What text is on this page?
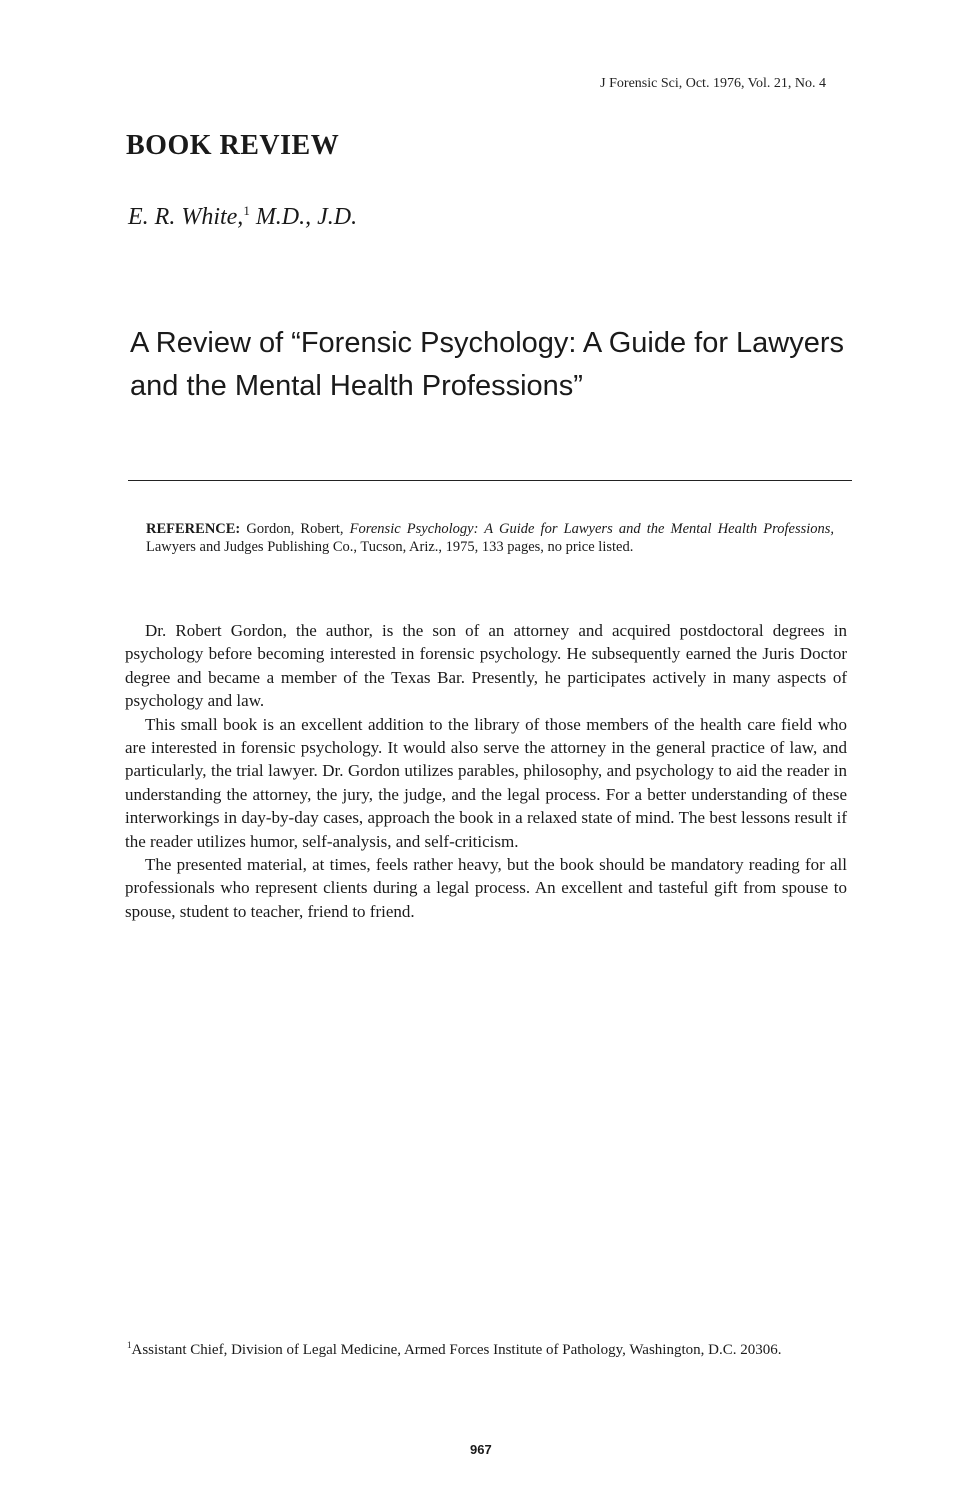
J Forensic Sci, Oct. 1976, Vol. 21, No. 4
BOOK REVIEW
E. R. White,$^1$ M.D., J.D.
A Review of “Forensic Psychology: A Guide for Lawyers and the Mental Health Professions”
REFERENCE: Gordon, Robert, Forensic Psychology: A Guide for Lawyers and the Mental Health Professions, Lawyers and Judges Publishing Co., Tucson, Ariz., 1975, 133 pages, no price listed.

Dr. Robert Gordon, the author, is the son of an attorney and acquired postdoctoral degrees in psychology before becoming interested in forensic psychology. He subsequently earned the Juris Doctor degree and became a member of the Texas Bar. Presently, he participates actively in many aspects of psychology and law.

This small book is an excellent addition to the library of those members of the health care field who are interested in forensic psychology. It would also serve the attorney in the general practice of law, and particularly, the trial lawyer. Dr. Gordon utilizes parables, philosophy, and psychology to aid the reader in understanding the attorney, the jury, the judge, and the legal process. For a better understanding of these interworkings in day-by-day cases, approach the book in a relaxed state of mind. The best lessons result if the reader utilizes humor, self-analysis, and self-criticism.

The presented material, at times, feels rather heavy, but the book should be mandatory reading for all professionals who represent clients during a legal process. An excellent and tasteful gift from spouse to spouse, student to teacher, friend to friend.

$^1$Assistant Chief, Division of Legal Medicine, Armed Forces Institute of Pathology, Washington, D.C. 20306.
967
